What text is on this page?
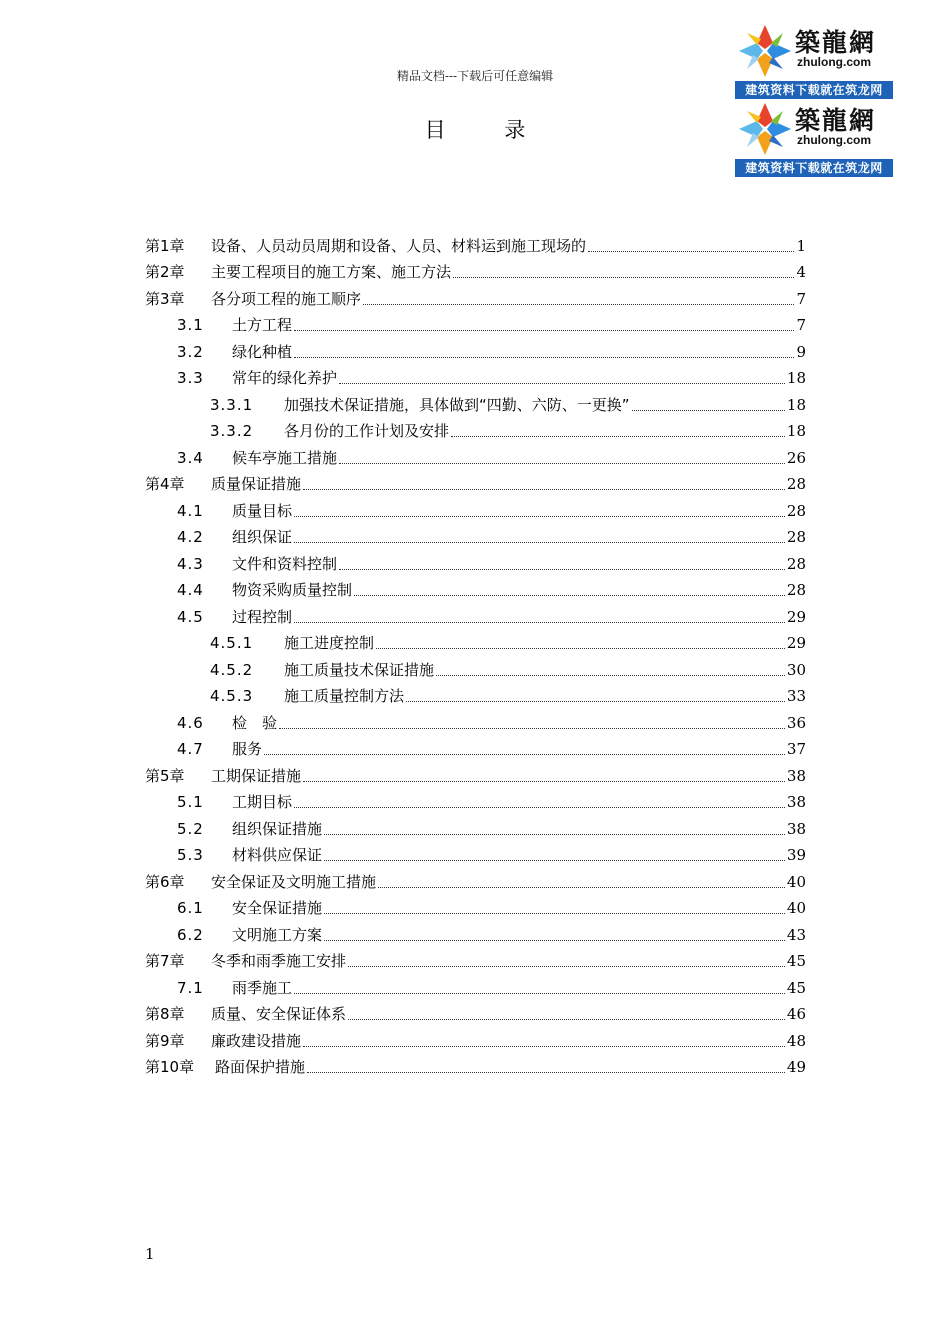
精品文档---下载后可任意编辑
築龍網
zhulong.com
建筑资料下载就在筑龙网
目 录	築龍網
zhulong.com
建筑资料下载就在筑龙网
第1章	设备、人员动员周期和设备、人员、材料运到施工现场的	1
第2章	主要工程项目的施工方案、施工方法	4
第3章	各分项工程的施工顺序	7
3.1	土方工程	7
3.2	绿化种植	9
3.3	常年的绿化养护	18
3.3.1	加强技术保证措施，具体做到“四勤、六防、一更换”	18
3.3.2	各月份的工作计划及安排	18
3.4	候车亭施工措施	26
第4章	质量保证措施	28
4.1	质量目标	28
4.2	组织保证	28
4.3	文件和资料控制	28
4.4	物资采购质量控制	28
4.5	过程控制	29
4.5.1	施工进度控制	29
4.5.2	施工质量技术保证措施	30
4.5.3	施工质量控制方法	33
4.6	检　验	36
4.7	服务	37
第5章	工期保证措施	38
5.1	工期目标	38
5.2	组织保证措施	38
5.3	材料供应保证	39
第6章	安全保证及文明施工措施	40
6.1	安全保证措施	40
6.2	文明施工方案	43
第7章	冬季和雨季施工安排	45
7.1	雨季施工	45
第8章	质量、安全保证体系	46
第9章	廉政建设措施	48
第10章	路面保护措施	49
1
